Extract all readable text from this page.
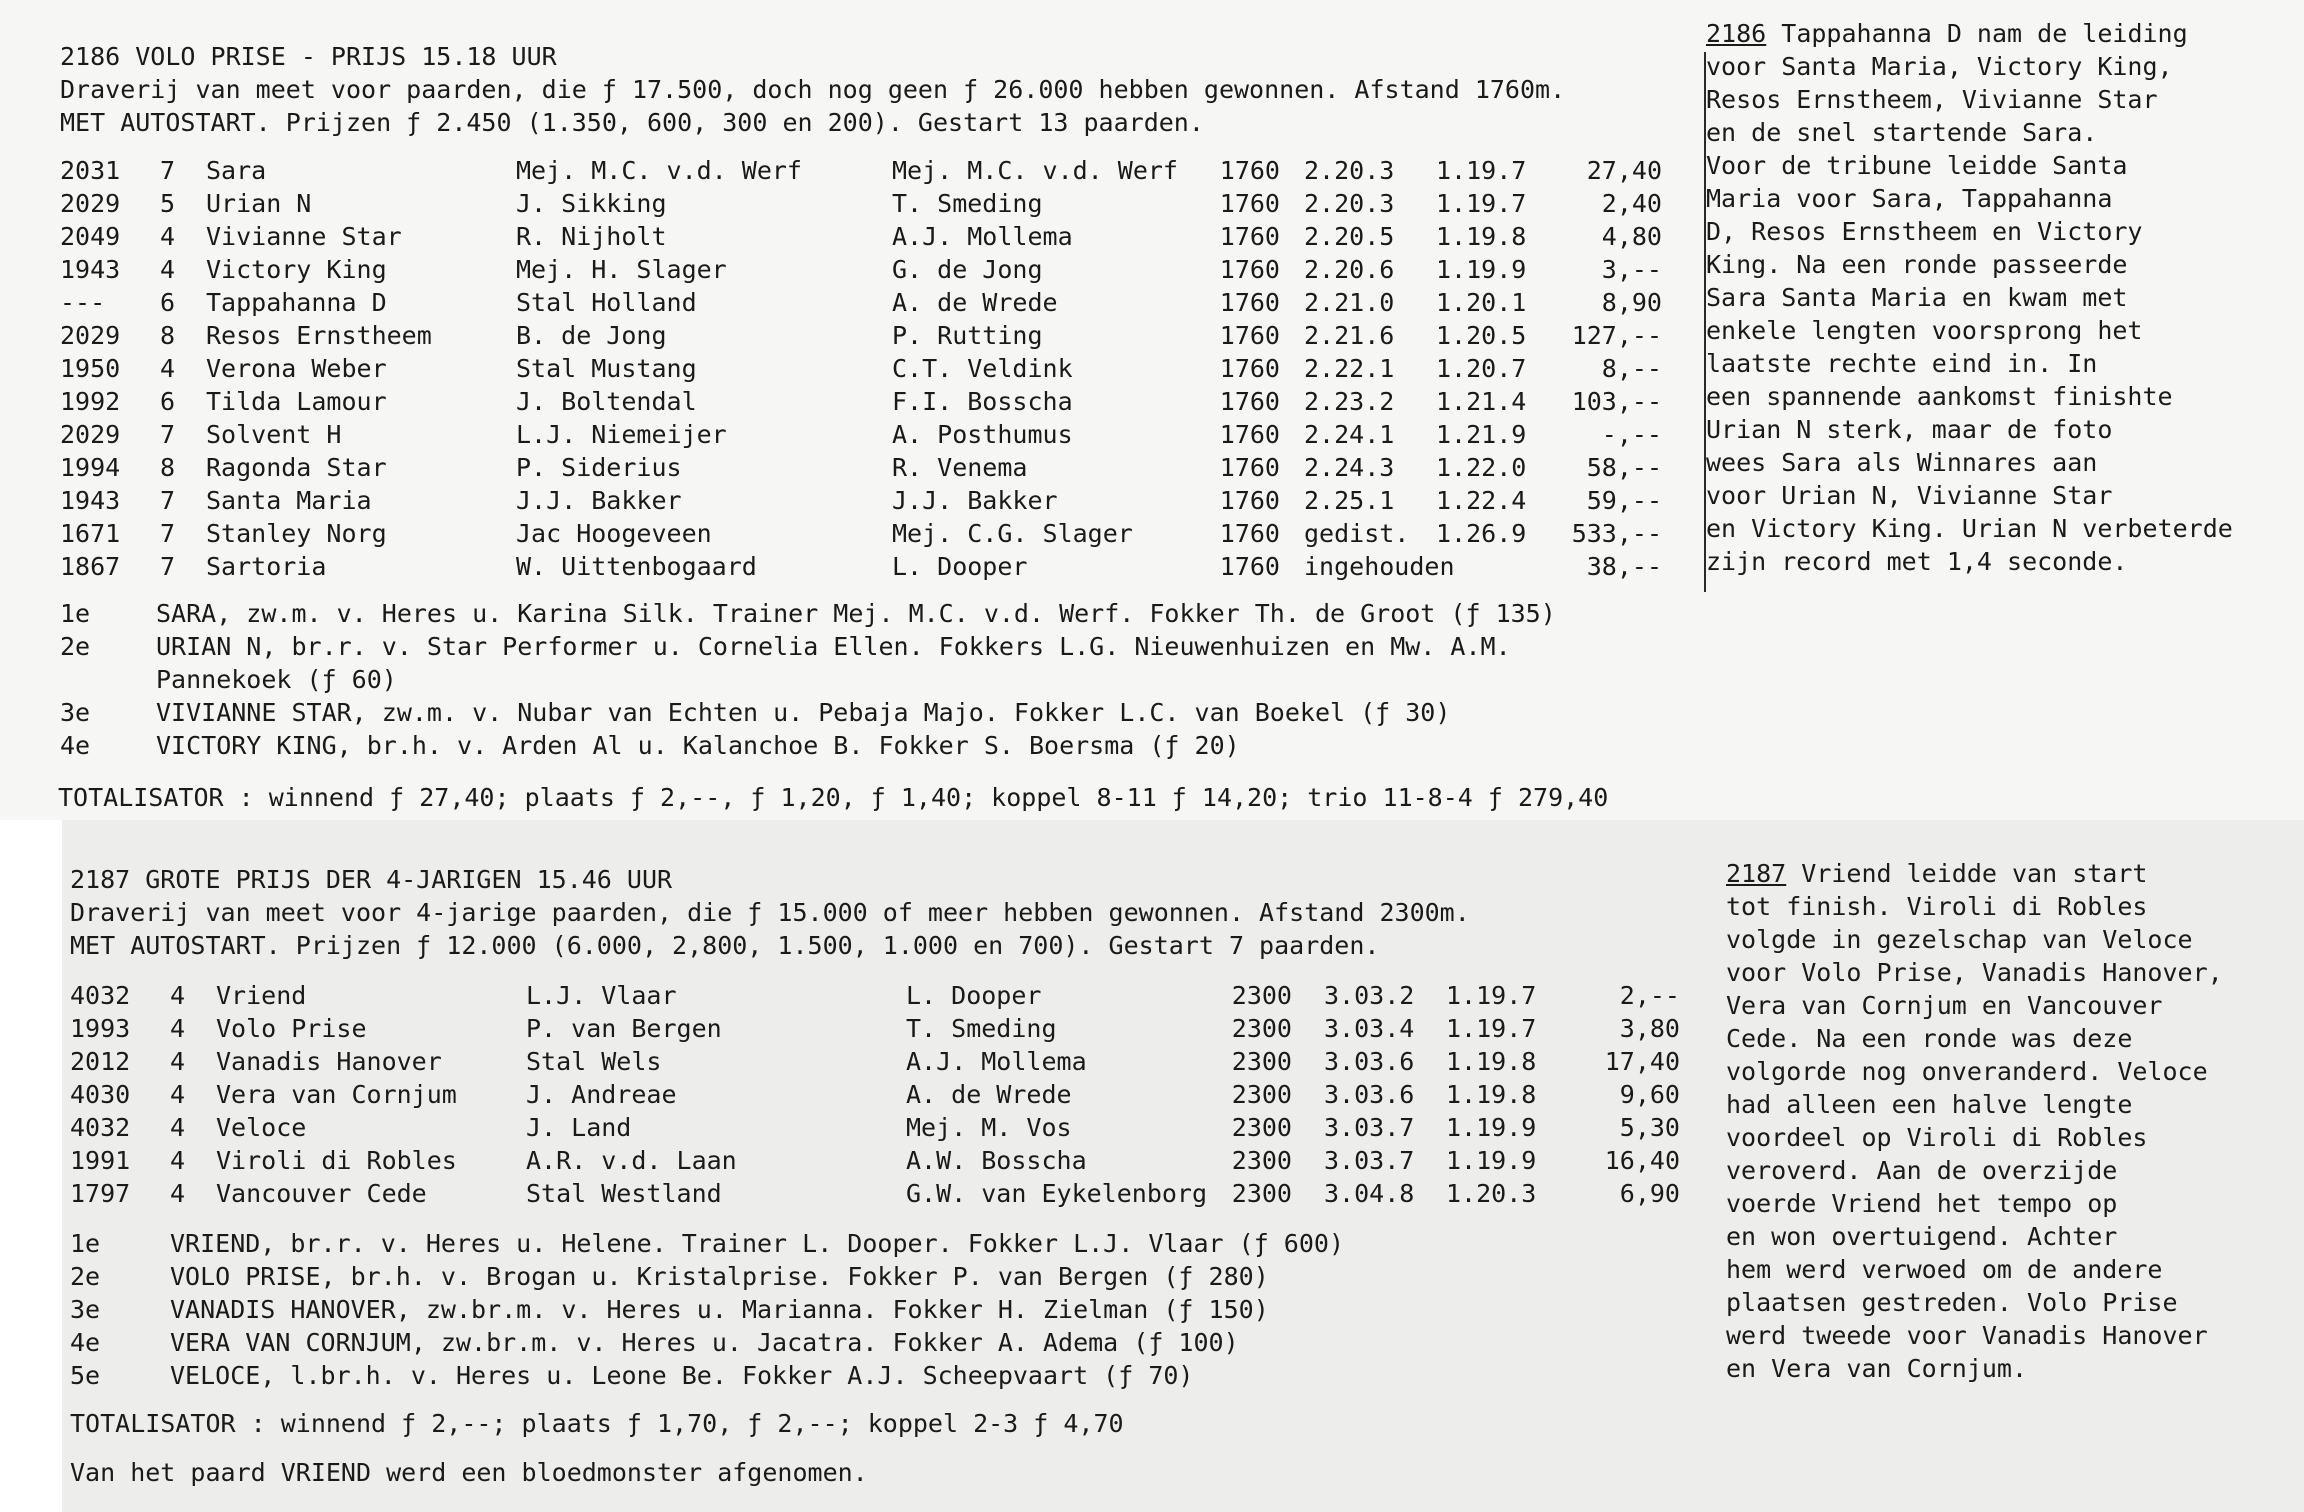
2186 VOLO PRISE - PRIJS 15.18 UUR
Draverij van meet voor paarden, die ƒ 17.500, doch nog geen ƒ 26.000 hebben gewonnen. Afstand 1760m.
MET AUTOSTART. Prijzen ƒ 2.450 (1.350, 600, 300 en 200). Gestart 13 paarden.
2031 7 Sara	Mej. M.C. v.d. Werf	Mej. M.C. v.d. Werf	1760 2.20.3 1.19.7	27,40
2029 5 Urian N	J. Sikking	T. Smeding	1760 2.20.3 1.19.7	2,40
2049 4 Vivianne Star	R. Nijholt	A.J. Mollema	1760 2.20.5 1.19.8	4,80
1943 4 Victory King	Mej. H. Slager	G. de Jong	1760 2.20.6 1.19.9	3,--
--- 6 Tappahanna D	Stal Holland	A. de Wrede	1760 2.21.0 1.20.1	8,90
2029 8 Resos Ernstheem	B. de Jong	P. Rutting	1760 2.21.6 1.20.5	127,--
1950 4 Verona Weber	Stal Mustang	C.T. Veldink	1760 2.22.1 1.20.7	8,--
1992 6 Tilda Lamour	J. Boltendal	F.I. Bosscha	1760 2.23.2 1.21.4	103,--
2029 7 Solvent H	L.J. Niemeijer	A. Posthumus	1760 2.24.1 1.21.9	-,--
1994 8 Ragonda Star	P. Siderius	R. Venema	1760 2.24.3 1.22.0	58,--
1943 7 Santa Maria	J.J. Bakker	J.J. Bakker	1760 2.25.1 1.22.4	59,--
1671 7 Stanley Norg	Jac Hoogeveen	Mej. C.G. Slager	1760 gedist. 1.26.9	533,--
1867 7 Sartoria	W. Uittenbogaard	L. Dooper	1760 ingehouden	38,--
1e	SARA, zw.m. v. Heres u. Karina Silk. Trainer Mej. M.C. v.d. Werf. Fokker Th. de Groot (ƒ 135)
2e	URIAN N, br.r. v. Star Performer u. Cornelia Ellen. Fokkers L.G. Nieuwenhuizen en Mw. A.M.
Pannekoek (ƒ 60)
3e	VIVIANNE STAR, zw.m. v. Nubar van Echten u. Pebaja Majo. Fokker L.C. van Boekel (ƒ 30)
4e	VICTORY KING, br.h. v. Arden Al u. Kalanchoe B. Fokker S. Boersma (ƒ 20)
TOTALISATOR : winnend ƒ 27,40; plaats ƒ 2,--, ƒ 1,20, ƒ 1,40; koppel 8-11 ƒ 14,20; trio 11-8-4 ƒ 279,40
2186 Tappahanna D nam de leiding
voor Santa Maria, Victory King,
Resos Ernstheem, Vivianne Star
en de snel startende Sara.
Voor de tribune leidde Santa
Maria voor Sara, Tappahanna
D, Resos Ernstheem en Victory
King. Na een ronde passeerde
Sara Santa Maria en kwam met
enkele lengten voorsprong het
laatste rechte eind in. In
een spannende aankomst finishte
Urian N sterk, maar de foto
wees Sara als Winnares aan
voor Urian N, Vivianne Star
en Victory King. Urian N verbeterde
zijn record met 1,4 seconde.
2187 GROTE PRIJS DER 4-JARIGEN 15.46 UUR
Draverij van meet voor 4-jarige paarden, die ƒ 15.000 of meer hebben gewonnen. Afstand 2300m.
MET AUTOSTART. Prijzen ƒ 12.000 (6.000, 2,800, 1.500, 1.000 en 700). Gestart 7 paarden.
4032 4 Vriend	L.J. Vlaar	L. Dooper	2300 3.03.2 1.19.7	2,--
1993 4 Volo Prise	P. van Bergen	T. Smeding	2300 3.03.4 1.19.7	3,80
2012 4 Vanadis Hanover	Stal Wels	A.J. Mollema	2300 3.03.6 1.19.8	17,40
4030 4 Vera van Cornjum	J. Andreae	A. de Wrede	2300 3.03.6 1.19.8	9,60
4032 4 Veloce	J. Land	Mej. M. Vos	2300 3.03.7 1.19.9	5,30
1991 4 Viroli di Robles	A.R. v.d. Laan	A.W. Bosscha	2300 3.03.7 1.19.9	16,40
1797 4 Vancouver Cede	Stal Westland	G.W. van Eykelenborg 2300 3.04.8 1.20.3	6,90
1e	VRIEND, br.r. v. Heres u. Helene. Trainer L. Dooper. Fokker L.J. Vlaar (ƒ 600)
2e	VOLO PRISE, br.h. v. Brogan u. Kristalprise. Fokker P. van Bergen (ƒ 280)
3e	VANADIS HANOVER, zw.br.m. v. Heres u. Marianna. Fokker H. Zielman (ƒ 150)
4e	VERA VAN CORNJUM, zw.br.m. v. Heres u. Jacatra. Fokker A. Adema (ƒ 100)
5e	VELOCE, l.br.h. v. Heres u. Leone Be. Fokker A.J. Scheepvaart (ƒ 70)
TOTALISATOR : winnend ƒ 2,--; plaats ƒ 1,70, ƒ 2,--; koppel 2-3 ƒ 4,70
Van het paard VRIEND werd een bloedmonster afgenomen.
2187 Vriend leidde van start
tot finish. Viroli di Robles
volgde in gezelschap van Veloce
voor Volo Prise, Vanadis Hanover,
Vera van Cornjum en Vancouver
Cede. Na een ronde was deze
volgorde nog onveranderd. Veloce
had alleen een halve lengte
voordeel op Viroli di Robles
veroverd. Aan de overzijde
voerde Vriend het tempo op
en won overtuigend. Achter
hem werd verwoed om de andere
plaatsen gestreden. Volo Prise
werd tweede voor Vanadis Hanover
en Vera van Cornjum.
